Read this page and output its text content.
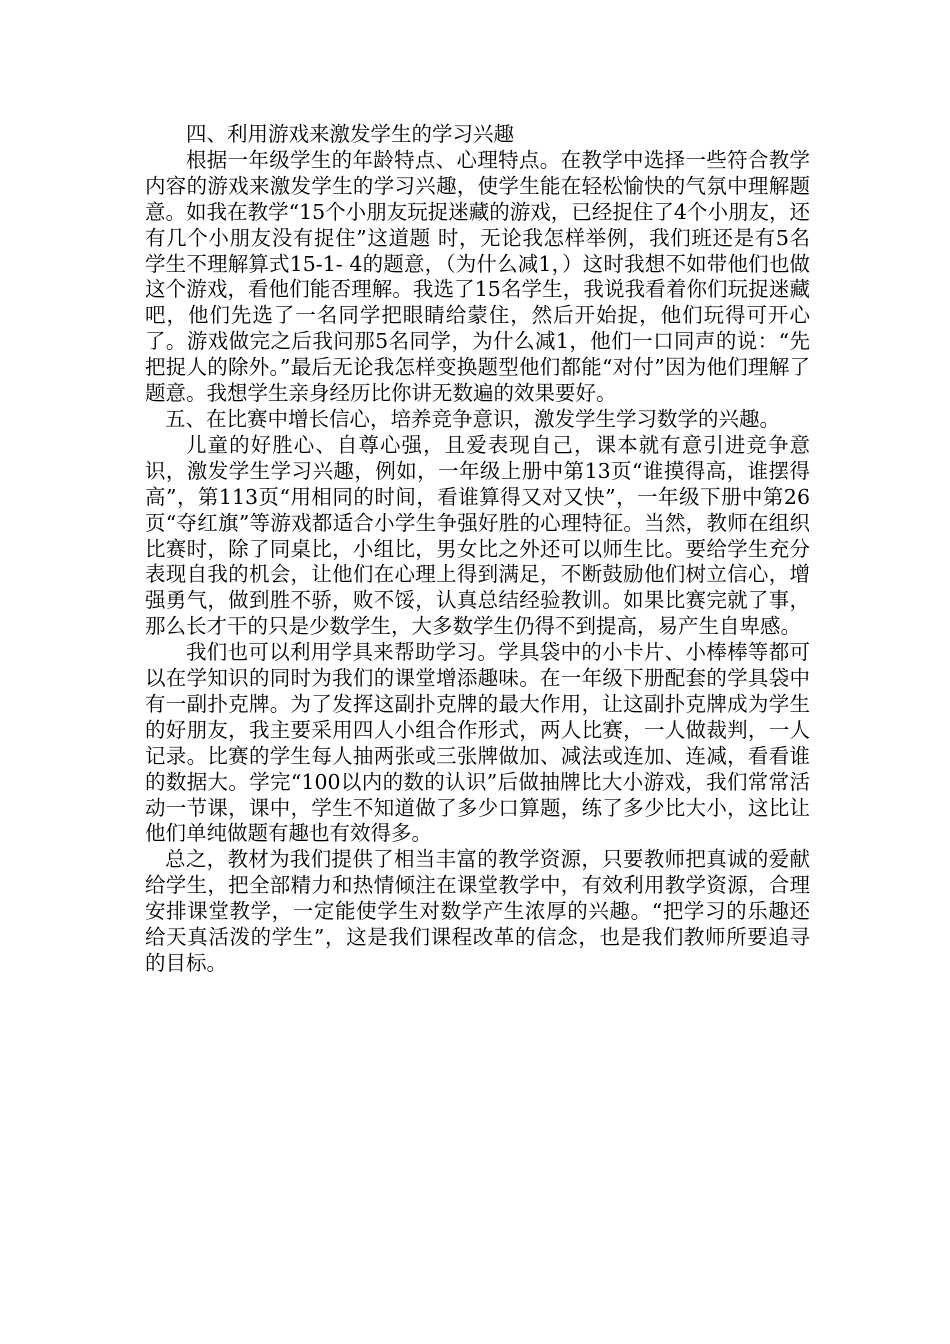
四、利用游戏来激发学生的学习兴趣

根据一年级学生的年龄特点、心理特点。在教学中选择一些符合教学内容的游戏来激发学生的学习兴趣，使学生能在轻松愉快的气氛中理解题意。如我在教学“15个小朋友玩捉迷藏的游戏，已经捉住了4个小朋友，还有几个小朋友没有捉住”这道题 时，无论我怎样举例，我们班还是有5名学生不理解算式15-1- 4的题意，（为什么减1，）这时我想不如带他们也做这个游戏，看他们能否理解。我选了15名学生，我说我看着你们玩捉迷藏吧，他们先选了一名同学把眼睛给蒙住，然后开始捉，他们玩得可开心了。游戏做完之后我问那5名同学，为什么减1，他们一口同声的说：“先把捉人的除外。”最后无论我怎样变换题型他们都能“对付”因为他们理解了题意。我想学生亲身经历比你讲无数遍的效果要好。

五、在比赛中增长信心，培养竞争意识，激发学生学习数学的兴趣。

儿童的好胜心、自尊心强，且爱表现自己，课本就有意引进竞争意识，激发学生学习兴趣，例如，一年级上册中第13页“谁摸得高，谁摆得高”，第113页“用相同的时间，看谁算得又对又快”，一年级下册中第26页“夺红旗”等游戏都适合小学生争强好胜的心理特征。当然，教师在组织比赛时，除了同桌比，小组比，男女比之外还可以师生比。要给学生充分表现自我的机会，让他们在心理上得到满足，不断鼓励他们树立信心，增强勇气，做到胜不骄，败不馁，认真总结经验教训。如果比赛完就了事，那么长才干的只是少数学生，大多数学生仍得不到提高，易产生自卑感。

我们也可以利用学具来帮助学习。学具袋中的小卡片、小棒棒等都可以在学知识的同时为我们的课堂增添趣味。在一年级下册配套的学具袋中有一副扑克牌。为了发挥这副扑克牌的最大作用，让这副扑克牌成为学生的好朋友，我主要采用四人小组合作形式，两人比赛，一人做裁判，一人记录。比赛的学生每人抽两张或三张牌做加、减法或连加、连减，看看谁的数据大。学完“100以内的数的认识”后做抽牌比大小游戏，我们常常活动一节课，课中，学生不知道做了多少口算题，练了多少比大小，这比让他们单纯做题有趣也有效得多。

总之，教材为我们提供了相当丰富的教学资源，只要教师把真诚的爱献给学生，把全部精力和热情倾注在课堂教学中，有效利用教学资源，合理安排课堂教学，一定能使学生对数学产生浓厚的兴趣。“把学习的乐趣还给天真活泼的学生”，这是我们课程改革的信念，也是我们教师所要追寻的目标。
